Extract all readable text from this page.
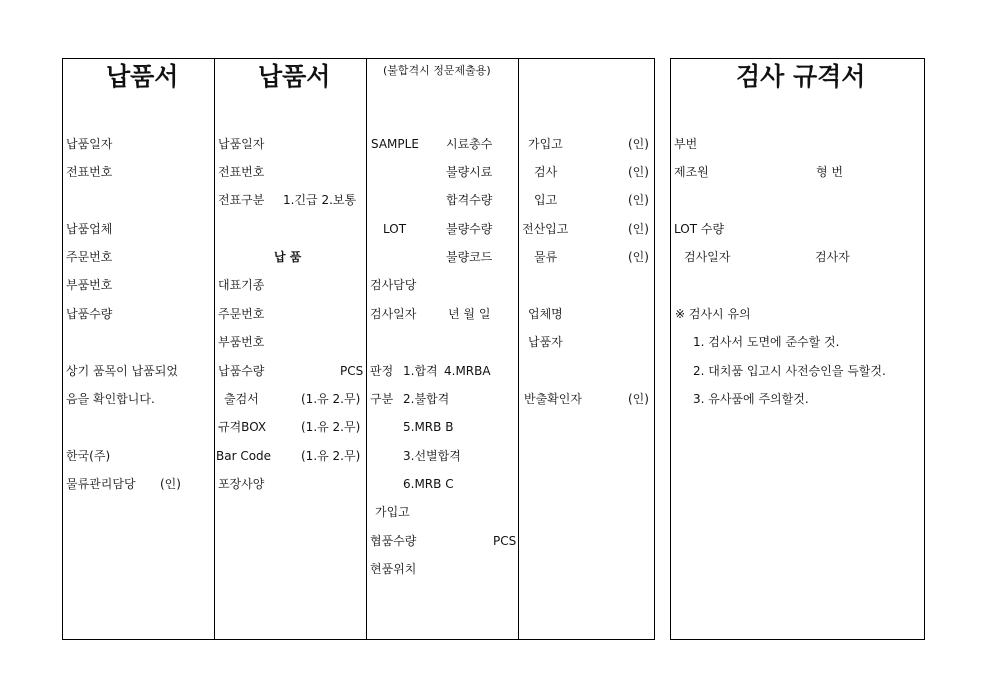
납품서
납품일자
전표번호
납품업체
주문번호
부품번호
납품수량
상기 품목이 납품되었
음을 확인합니다.
한국(주)
물류관리담당 (인)
납품서
납품일자
전표번호
전표구분 1.긴급 2.보통
납 품
대표기종
주문번호
부품번호
납품수량	PCS
출검서	(1.유 2.무)
규격BOX	(1.유 2.무)
Bar Code (1.유 2.무)
포장사양
(불합격시 정문제출용)
SAMPLE 시료총수
불량시료
합격수량
LOT	불량수량
불량코드
검사담당
검사일자	년 월 일
판정 1.합격 4.MRBA
구분 2.불합격
5.MRB B
3.선별합격
6.MRB C
가입고
협품수량	PCS
현품위치
가입고	(인)
검사	(인)
입고	(인)
전산입고	(인)
물류	(인)
업체명
납품자
반출확인자	(인)
검사 규격서
부번
제조원	형 번
LOT 수량
검사일자	검사자
※ 검사시 유의
1. 검사서 도면에 준수할 것.
2. 대치품 입고시 사전승인을 득할것.
3. 유사품에 주의할것.
